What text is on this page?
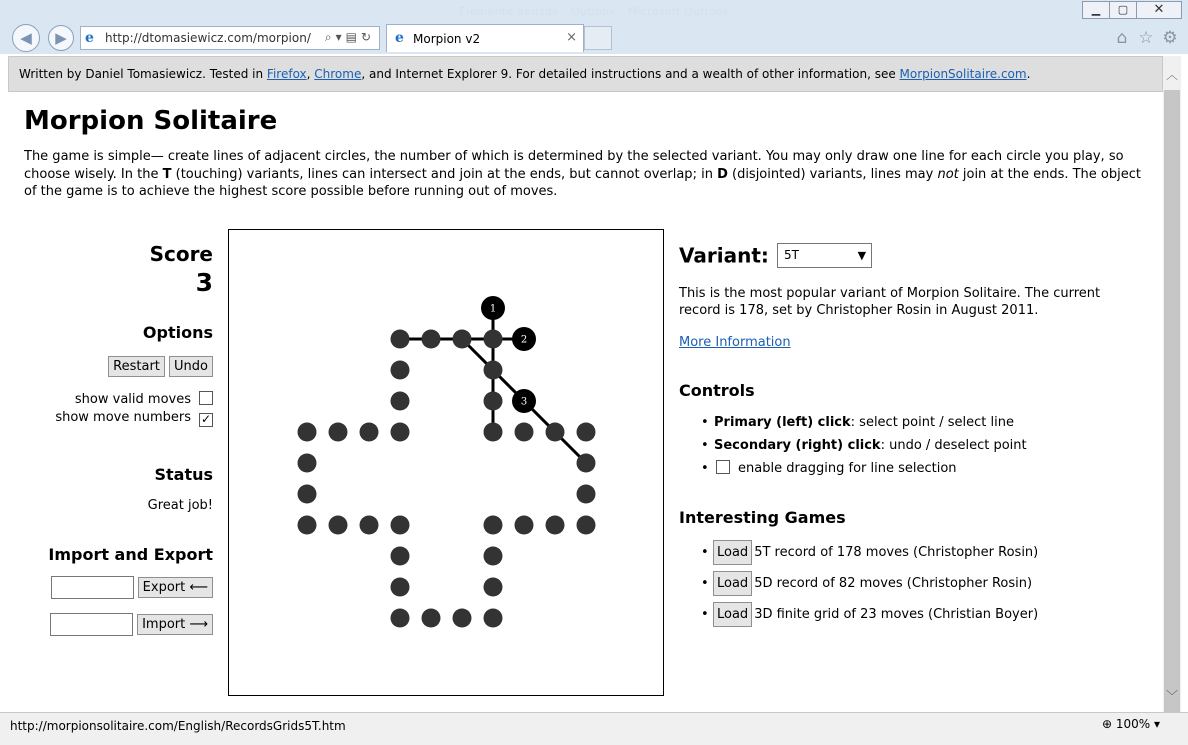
Elemente aeuzde - Outlook - Microsoft Outlook	▁	▢	✕
◀	▶	e http://dtomasiewicz.com/morpion/ ⌕▾▤↻ e Morpion v2	×	⌂ ☆ ⚙
Written by Daniel Tomasiewicz. Tested in Firefox, Chrome, and Internet Explorer 9. For detailed instructions and a wealth of other information, see MorpionSolitaire.com.	︿
﹀
Morpion Solitaire

The game is simple— create lines of adjacent circles, the number of which is determined by the selected variant. You may only draw one line for each circle you play, so choose wisely. In the T (touching) variants, lines can intersect and join at the ends, but cannot overlap; in D (disjointed) variants, lines may not join at the ends. The object of the game is to achieve the highest score possible before running out of moves.

Score
3
Options
Restart Undo
show valid moves
show move numbers ✓
Status
Great job!
Import and Export
Export ⟵
Import ⟶
1
2
3
Variant: 5T	▼
This is the most popular variant of Morpion Solitaire. The current record is 178, set by Christopher Rosin in August 2011.
More Information
Controls
• Primary (left) click: select point / select line
• Secondary (right) click: undo / deselect point
• enable dragging for line selection
Interesting Games
• Load 5T record of 178 moves (Christopher Rosin)
• Load 5D record of 82 moves (Christopher Rosin)
• Load 3D finite grid of 23 moves (Christian Boyer)
http://morpionsolitaire.com/English/RecordsGrids5T.htm	⊕ 100% ▾
